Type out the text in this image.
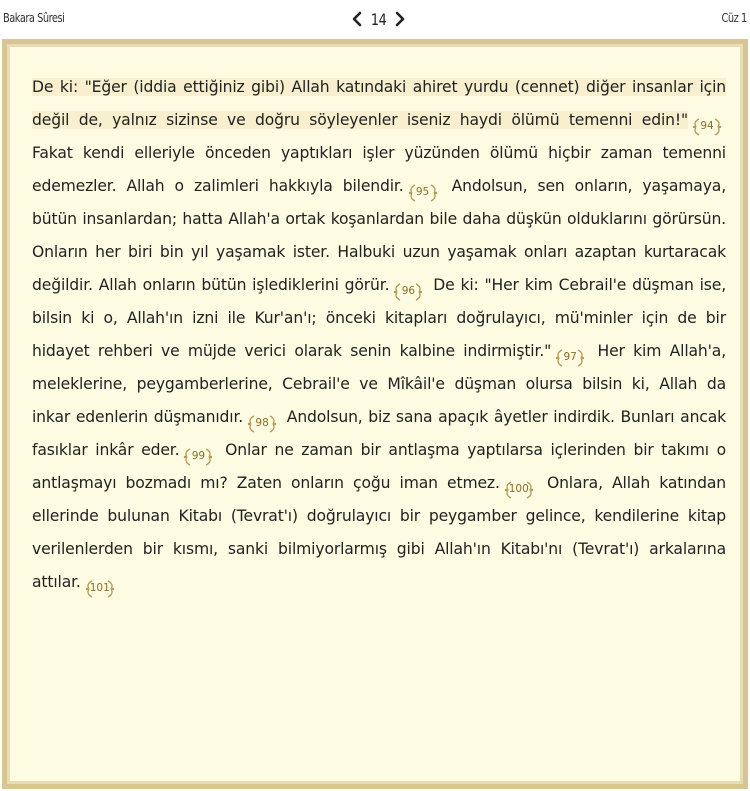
Bakara Sûresi	14	Cüz 1
De ki: "Eğer (iddia ettiğiniz gibi) Allah katındaki ahiret yurdu (cennet) diğer insanlar için değil de, yalnız sizinse ve doğru söyleyenler iseniz haydi ölümü temenni edin!" 94
Fakat kendi elleriyle önceden yaptıkları işler yüzünden ölümü hiçbir zaman temenni edemezler. Allah o zalimleri hakkıyla bilendir. 95 Andolsun, sen onların, yaşamaya, bütün insanlardan; hatta Allah'a ortak koşanlardan bile daha düşkün olduklarını görürsün. Onların her biri bin yıl yaşamak ister. Halbuki uzun yaşamak onları azaptan kurtaracak değildir. Allah onların bütün işlediklerini görür. 96 De ki: "Her kim Cebrail'e düşman ise, bilsin ki o, Allah'ın izni ile Kur'an'ı; önceki kitapları doğrulayıcı, mü'minler için de bir hidayet rehberi ve müjde verici olarak senin kalbine indirmiştir." 97 Her kim Allah'a, meleklerine, peygamberlerine, Cebrail'e ve Mîkâil'e düşman olursa bilsin ki, Allah da inkar edenlerin düşmanıdır. 98 Andolsun, biz sana apaçık âyetler indirdik. Bunları ancak fasıklar inkâr eder. 99 Onlar ne zaman bir antlaşma yaptılarsa içlerinden bir takımı o antlaşmayı bozmadı mı? Zaten onların çoğu iman etmez. 100 Onlara, Allah katından ellerinde bulunan Kitabı (Tevrat'ı) doğrulayıcı bir peygamber gelince, kendilerine kitap verilenlerden bir kısmı, sanki bilmiyorlarmış gibi Allah'ın Kitabı'nı (Tevrat'ı) arkalarına attılar. 101
